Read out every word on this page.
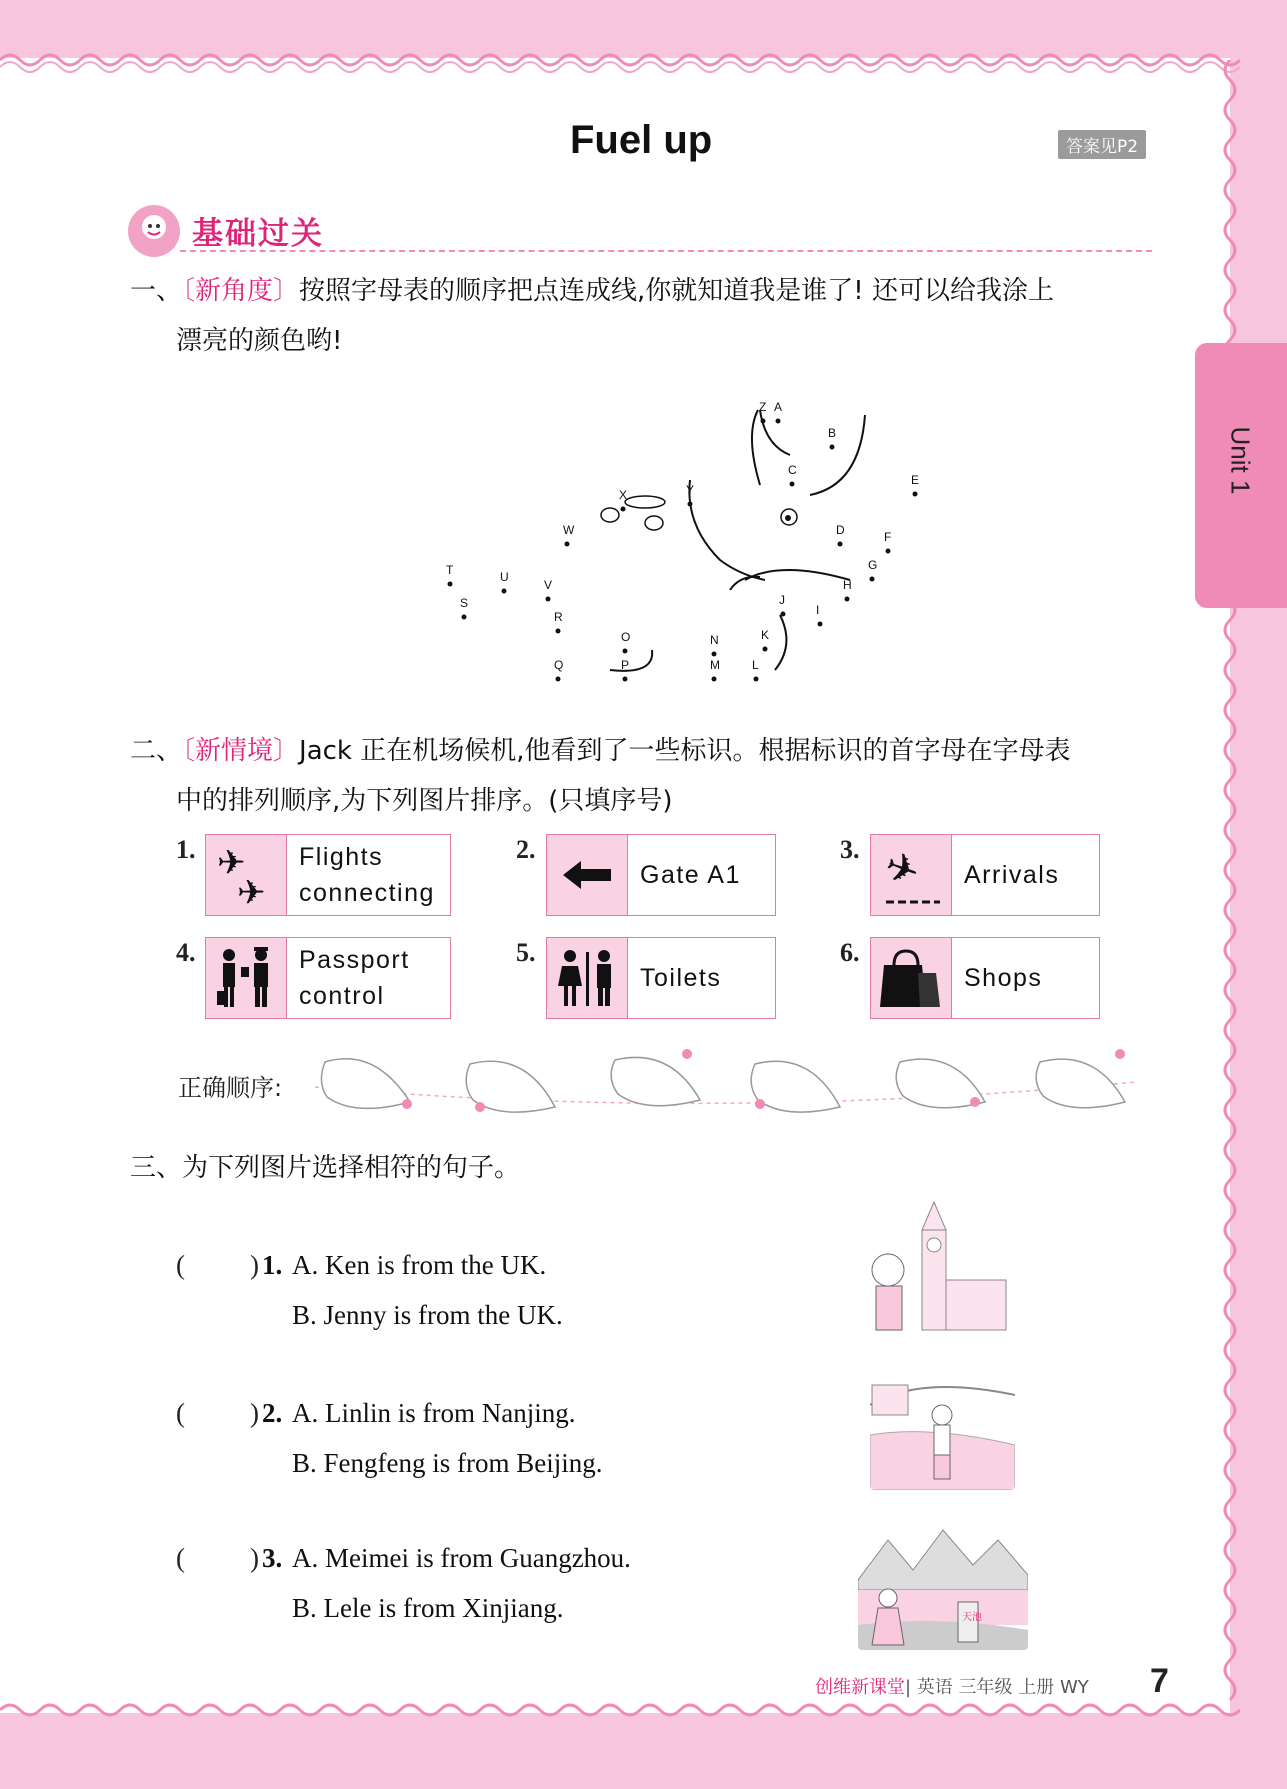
Fuel up	答案见P2
Unit 1
基础过关
一、〔新角度〕按照字母表的顺序把点连成线,你就知道我是谁了! 还可以给我涂上
漂亮的颜色哟!
A
B
C
D
E
F
G
H
I
J
K
L
M
N
O
P
Q
R
S
T	U
V
W
X	Y
Z
二、〔新情境〕Jack 正在机场候机,他看到了一些标识。根据标识的首字母在字母表
中的排列顺序,为下列图片排序。(只填序号)
1. ✈
✈
Flights
connecting
2.
Gate A1
3. ✈	Arrivals
4.	Passport
control
5.
Toilets
6.
Shops
正确顺序:
三、为下列图片选择相符的句子。
( ) 1. A. Ken is from the UK.
B. Jenny is from the UK.
( ) 2. A. Linlin is from Nanjing.
B. Fengfeng is from Beijing.
( ) 3. A. Meimei is from Guangzhou.
B. Lele is from Xinjiang.	天池
创维新课堂| 英语 三年级 上册 WY 7
